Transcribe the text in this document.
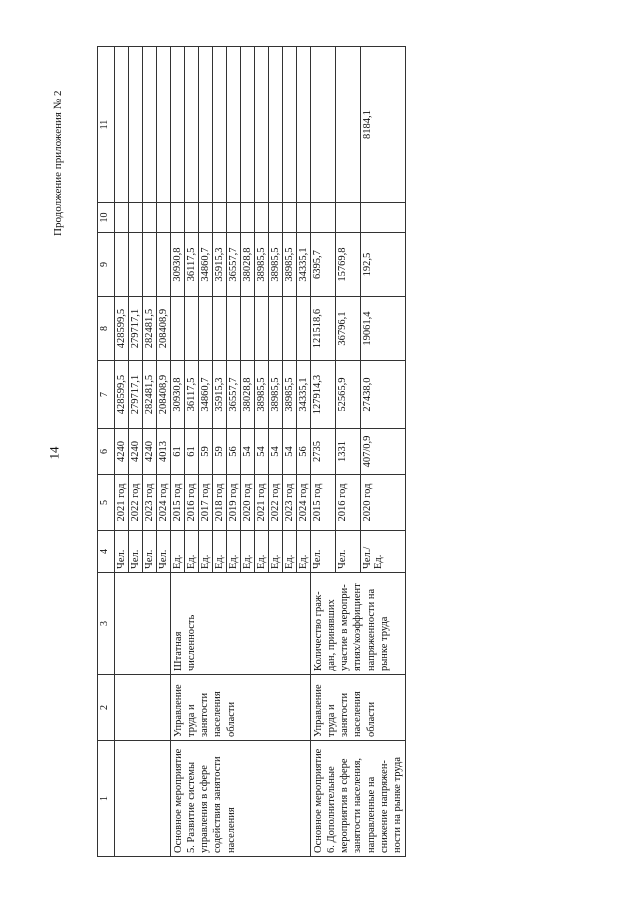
14
Продолжение приложения № 2
1	2	3	4	5	6	7	8	9	10	11
			Чел.	2021 год	4240	428599,5	428599,5			
			Чел.	2022 год	4240	279717,1	279717,1			
			Чел.	2023 год	4240	282481,5	282481,5			
			Чел.	2024 год	4013	208408,9	208408,9			
Основное мероприятие 5. Развитие системы управления в сфере содействия занятости населения	Управление труда и занятости населения области	Штатная численность	Ед.	2015 год	61	30930,8		30930,8		
			Ед.	2016 год	61	36117,5		36117,5		
			Ед.	2017 год	59	34860,7		34860,7		
			Ед.	2018 год	59	35915,3		35915,3		
			Ед.	2019 год	56	36557,7		36557,7		
			Ед.	2020 год	54	38028,8		38028,8		
			Ед.	2021 год	54	38985,5		38985,5		
			Ед.	2022 год	54	38985,5		38985,5		
			Ед.	2023 год	54	38985,5		38985,5		
			Ед.	2024 год	56	34335,1		34335,1		
Основное мероприятие 6. Дополнительные мероприятия в сфере занятости населения, направленные на снижение напряжен-ности на рынке труда	Управление труда и занятости населения области	Количество граж-дан, принявших участие в меропри-ятиях/коэффициент напряженности на рынке труда	Чел.	2015 год	2735	127914,3	121518,6	6395,7		
			Чел.	2016 год	1331	52565,9	36796,1	15769,8		
			Чел./ Ед.	2020 год	407/0,9	27438,0	19061,4	192,5		8184,1
